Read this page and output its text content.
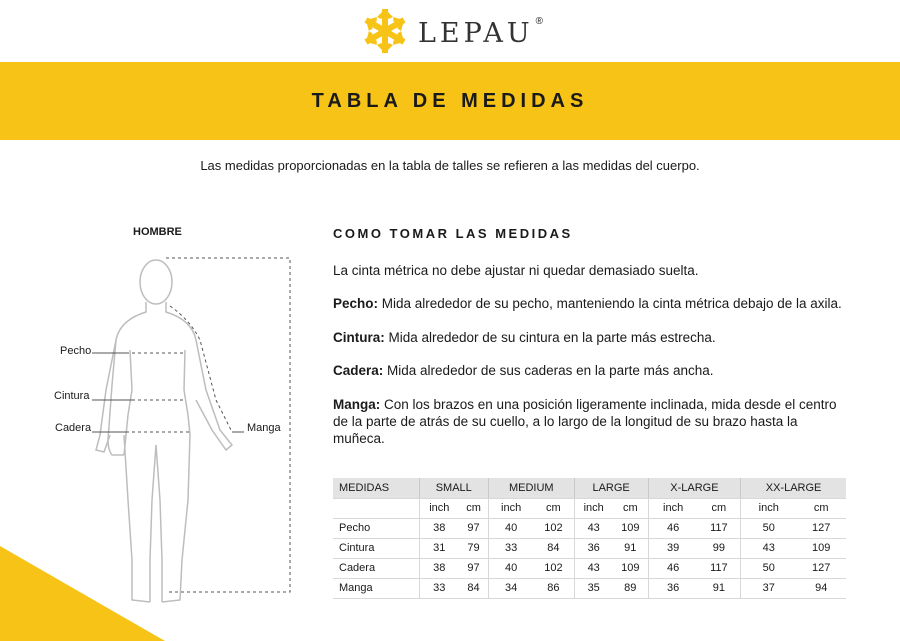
LEPAU ®
TABLA DE MEDIDAS
Las medidas proporcionadas en la tabla de talles se refieren a las medidas del cuerpo.
HOMBRE
Pecho
Cintura
Cadera	Manga
COMO TOMAR LAS MEDIDAS
La cinta métrica no debe ajustar ni quedar demasiado suelta.
Pecho: Mida alrededor de su pecho, manteniendo la cinta métrica debajo de la axila.
Cintura: Mida alrededor de su cintura en la parte más estrecha.
Cadera: Mida alrededor de sus caderas en la parte más ancha.
Manga: Con los brazos en una posición ligeramente inclinada, mida desde el centro de la parte de atrás de su cuello, a lo largo de la longitud de su brazo hasta la muñeca.
MEDIDAS	SMALL		MEDIUM		LARGE		X-LARGE		XX-LARGE	
	inch	cm	inch	cm	inch	cm	inch	cm	inch	cm
Pecho	38	97	40	102	43	109	46	117	50	127
Cintura	31	79	33	84	36	91	39	99	43	109
Cadera	38	97	40	102	43	109	46	117	50	127
Manga	33	84	34	86	35	89	36	91	37	94
